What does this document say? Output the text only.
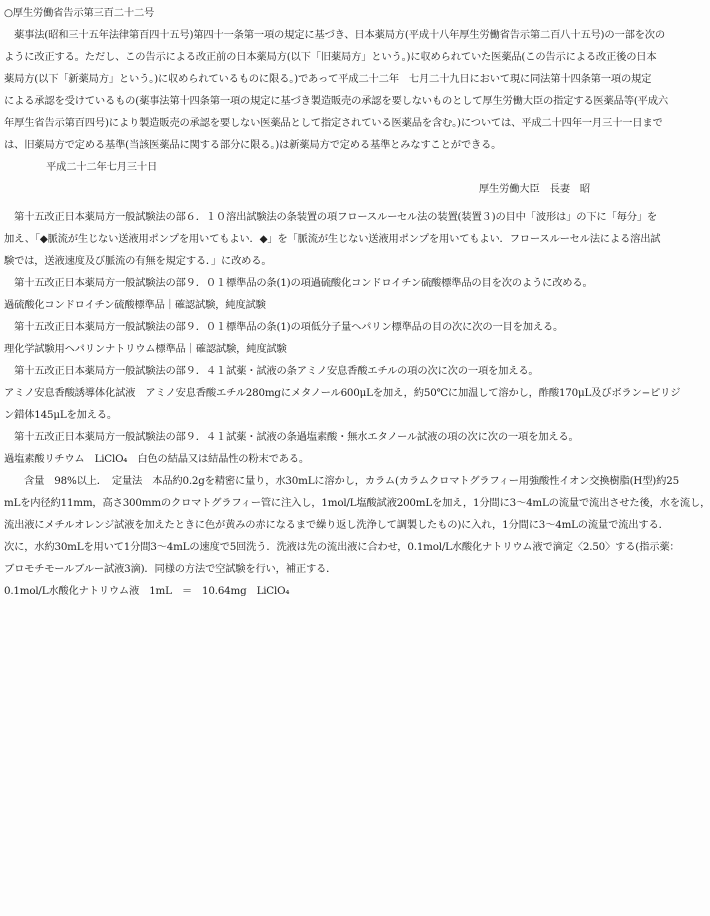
○厚生労働省告示第三百二十二号
薬事法(昭和三十五年法律第百四十五号)第四十一条第一項の規定に基づき、日本薬局方(平成十八年厚生労働省告示第二百八十五号)の一部を次の
ように改正する。ただし、この告示による改正前の日本薬局方(以下「旧薬局方」という。)に収められていた医薬品(この告示による改正後の日本
薬局方(以下「新薬局方」という。)に収められているものに限る。)であって平成二十二年　七月二十九日において現に同法第十四条第一項の規定
による承認を受けているもの(薬事法第十四条第一項の規定に基づき製造販売の承認を要しないものとして厚生労働大臣の指定する医薬品等(平成六
年厚生省告示第百四号)により製造販売の承認を要しない医薬品として指定されている医薬品を含む。)については、平成二十四年一月三十一日まで
は、旧薬局方で定める基準(当該医薬品に関する部分に限る。)は新薬局方で定める基準とみなすことができる。
平成二十二年七月三十日
厚生労働大臣　長妻　昭
第十五改正日本薬局方一般試験法の部６．１０溶出試験法の条装置の項フロースルーセル法の装置(装置３)の目中「波形は」の下に「毎分」を
加え、「◆脈流が生じない送液用ポンプを用いてもよい．◆」を「脈流が生じない送液用ポンプを用いてもよい．フロースルーセル法による溶出試
験では，送液速度及び脈流の有無を規定する．」に改める。
第十五改正日本薬局方一般試験法の部９．０１標準品の条(1)の項過硫酸化コンドロイチン硫酸標準品の目を次のように改める。
過硫酸化コンドロイチン硫酸標準品｜確認試験，純度試験
第十五改正日本薬局方一般試験法の部９．０１標準品の条(1)の項低分子量ヘパリン標準品の目の次に次の一目を加える。
理化学試験用ヘパリンナトリウム標準品｜確認試験，純度試験
第十五改正日本薬局方一般試験法の部９．４１試薬・試液の条アミノ安息香酸エチルの項の次に次の一項を加える。
アミノ安息香酸誘導体化試液　アミノ安息香酸エチル280mgにメタノール600μLを加え，約50℃に加温して溶かし，酢酸170μL及びボラン−ピリジ
ン錯体145μLを加える。
第十五改正日本薬局方一般試験法の部９．４１試薬・試液の条過塩素酸・無水エタノール試液の項の次に次の一項を加える。
過塩素酸リチウム　LiClO₄　白色の結晶又は結晶性の粉末である。
含量　98%以上．　定量法　本品約0.2gを精密に量り，水30mLに溶かし，カラム(カラムクロマトグラフィー用強酸性イオン交換樹脂(H型)約25
mLを内径約11mm，高さ300mmのクロマトグラフィー管に注入し，1mol/L塩酸試液200mLを加え，1分間に3〜4mLの流量で流出させた後，水を流し，
流出液にメチルオレンジ試液を加えたときに色が黄みの赤になるまで繰り返し洗浄して調製したもの)に入れ，1分間に3〜4mLの流量で流出する．
次に，水約30mLを用いて1分間3〜4mLの速度で5回洗う．洗液は先の流出液に合わせ，0.1mol/L水酸化ナトリウム液で滴定〈2.50〉する(指示薬：
ブロモチモールブルー試液3滴)．同様の方法で空試験を行い，補正する．
0.1mol/L水酸化ナトリウム液　1mL　＝　10.64mg　LiClO₄
